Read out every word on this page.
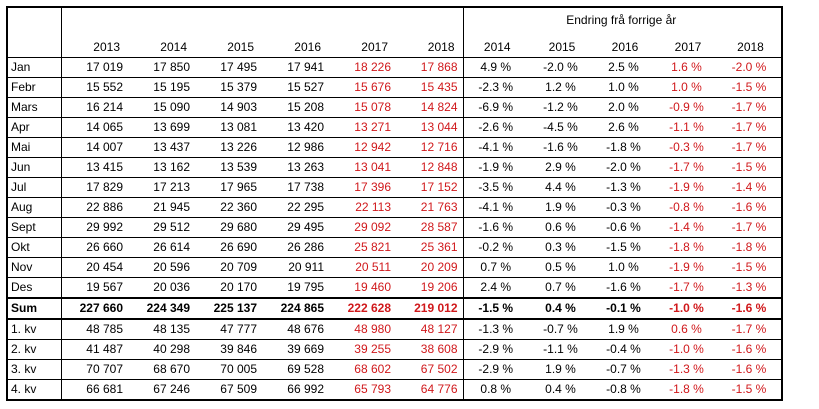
							Endring frå forrige år				
	2013	2014	2015	2016	2017	2018	2014	2015	2016	2017	2018
Jan	17 019	17 850	17 495	17 941	18 226	17 868	4.9 %	-2.0 %	2.5 %	1.6 %	-2.0 %
Febr	15 552	15 195	15 379	15 527	15 676	15 435	-2.3 %	1.2 %	1.0 %	1.0 %	-1.5 %
Mars	16 214	15 090	14 903	15 208	15 078	14 824	-6.9 %	-1.2 %	2.0 %	-0.9 %	-1.7 %
Apr	14 065	13 699	13 081	13 420	13 271	13 044	-2.6 %	-4.5 %	2.6 %	-1.1 %	-1.7 %
Mai	14 007	13 437	13 226	12 986	12 942	12 716	-4.1 %	-1.6 %	-1.8 %	-0.3 %	-1.7 %
Jun	13 415	13 162	13 539	13 263	13 041	12 848	-1.9 %	2.9 %	-2.0 %	-1.7 %	-1.5 %
Jul	17 829	17 213	17 965	17 738	17 396	17 152	-3.5 %	4.4 %	-1.3 %	-1.9 %	-1.4 %
Aug	22 886	21 945	22 360	22 295	22 113	21 763	-4.1 %	1.9 %	-0.3 %	-0.8 %	-1.6 %
Sept	29 992	29 512	29 680	29 495	29 092	28 587	-1.6 %	0.6 %	-0.6 %	-1.4 %	-1.7 %
Okt	26 660	26 614	26 690	26 286	25 821	25 361	-0.2 %	0.3 %	-1.5 %	-1.8 %	-1.8 %
Nov	20 454	20 596	20 709	20 911	20 511	20 209	0.7 %	0.5 %	1.0 %	-1.9 %	-1.5 %
Des	19 567	20 036	20 170	19 795	19 460	19 206	2.4 %	0.7 %	-1.6 %	-1.7 %	-1.3 %
Sum	227 660	224 349	225 137	224 865	222 628	219 012	-1.5 %	0.4 %	-0.1 %	-1.0 %	-1.6 %
1. kv	48 785	48 135	47 777	48 676	48 980	48 127	-1.3 %	-0.7 %	1.9 %	0.6 %	-1.7 %
2. kv	41 487	40 298	39 846	39 669	39 255	38 608	-2.9 %	-1.1 %	-0.4 %	-1.0 %	-1.6 %
3. kv	70 707	68 670	70 005	69 528	68 602	67 502	-2.9 %	1.9 %	-0.7 %	-1.3 %	-1.6 %
4. kv	66 681	67 246	67 509	66 992	65 793	64 776	0.8 %	0.4 %	-0.8 %	-1.8 %	-1.5 %
